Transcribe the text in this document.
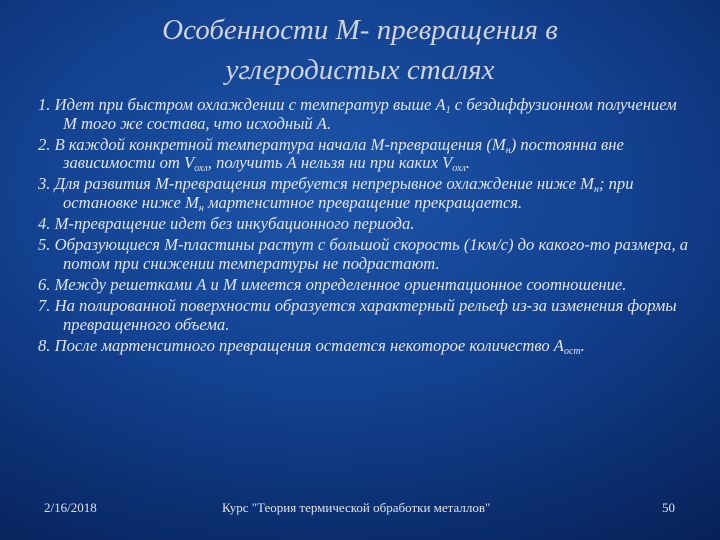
Особенности М- превращения в
углеродистых сталях
1. Идет при быстром охлаждении с температур выше $А_1$ с бездиффузионном получением М того же состава, что исходный А.
2. В каждой конкретной температура начала М-превращения $(М_н)$ постоянна вне зависимости от $V_{охл}$, получить А нельзя ни при каких $V_{охл}$.
3. Для развития М-превращения требуется непрерывное охлаждение ниже $М_н$; при остановке ниже $М_н$ мартенситное превращение прекращается.
4. М-превращение идет без инкубационного периода.
5. Образующиеся М-пластины растут с большой скорость (1км/с) до какого-то размера, а потом при снижении температуры не подрастают.
6. Между решетками А и М имеется определенное ориентационное соотношение.
7. На полированной поверхности образуется характерный рельеф из-за изменения формы превращенного объема.
8. После мартенситного превращения остается некоторое количество $А_{ост}$.
2/16/2018	Курс "Теория термической обработки металлов"	50
